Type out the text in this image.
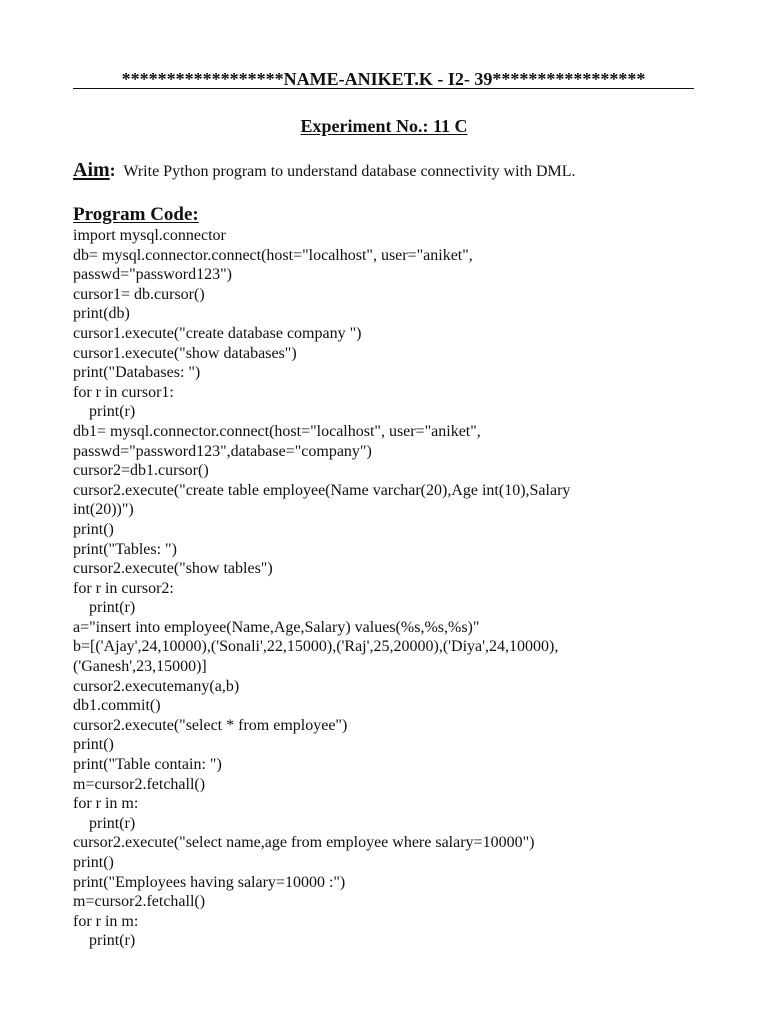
******************NAME-ANIKET.K - I2- 39*****************
Experiment No.: 11 C
Aim: Write Python program to understand database connectivity with DML.
Program Code:
import mysql.connector
db= mysql.connector.connect(host="localhost", user="aniket",
passwd="password123")
cursor1= db.cursor()
print(db)
cursor1.execute("create database company ")
cursor1.execute("show databases")
print("Databases: ")
for r in cursor1:
print(r)
db1= mysql.connector.connect(host="localhost", user="aniket",
passwd="password123",database="company")
cursor2=db1.cursor()
cursor2.execute("create table employee(Name varchar(20),Age int(10),Salary
int(20))")
print()
print("Tables: ")
cursor2.execute("show tables")
for r in cursor2:
print(r)
a="insert into employee(Name,Age,Salary) values(%s,%s,%s)"
b=[('Ajay',24,10000),('Sonali',22,15000),('Raj',25,20000),('Diya',24,10000),
('Ganesh',23,15000)]
cursor2.executemany(a,b)
db1.commit()
cursor2.execute("select * from employee")
print()
print("Table contain: ")
m=cursor2.fetchall()
for r in m:
print(r)
cursor2.execute("select name,age from employee where salary=10000")
print()
print("Employees having salary=10000 :")
m=cursor2.fetchall()
for r in m:
print(r)
